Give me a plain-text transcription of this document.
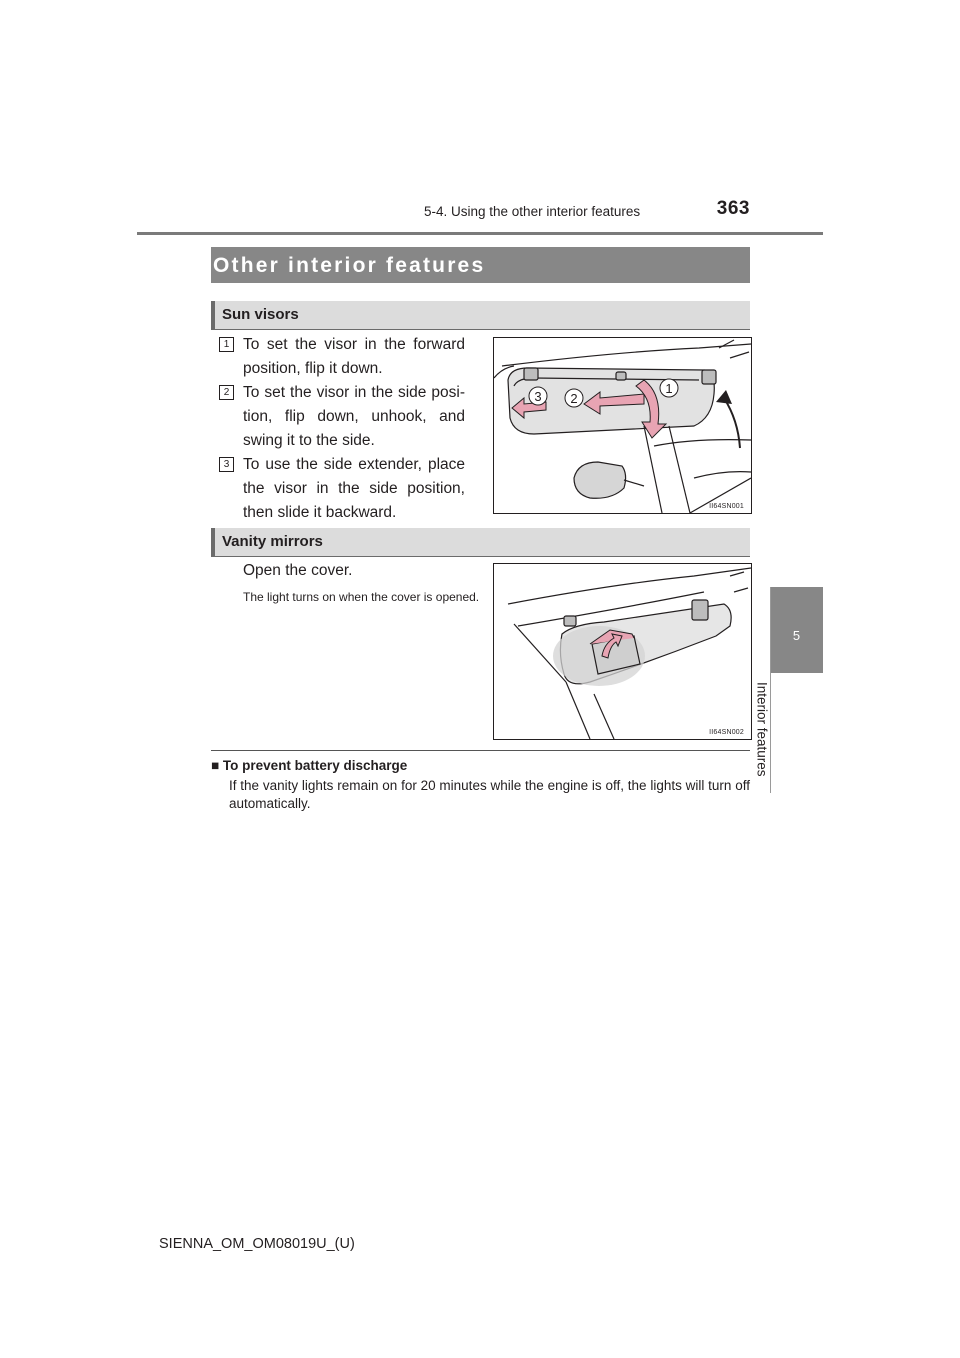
5-4. Using the other interior features	363
5
Interior features
Other interior features
Sun visors
1 To set the visor in the forward position, flip it down.
2 To set the visor in the side posi-tion, flip down, unhook, and swing it to the side.
3 To use the side extender, place the visor in the side position, then slide it backward.
3 2
1
II64SN001
Vanity mirrors
Open the cover.
The light turns on when the cover is opened.
II64SN002
■ To prevent battery discharge
If the vanity lights remain on for 20 minutes while the engine is off, the lights will turn off automatically.
SIENNA_OM_OM08019U_(U)
